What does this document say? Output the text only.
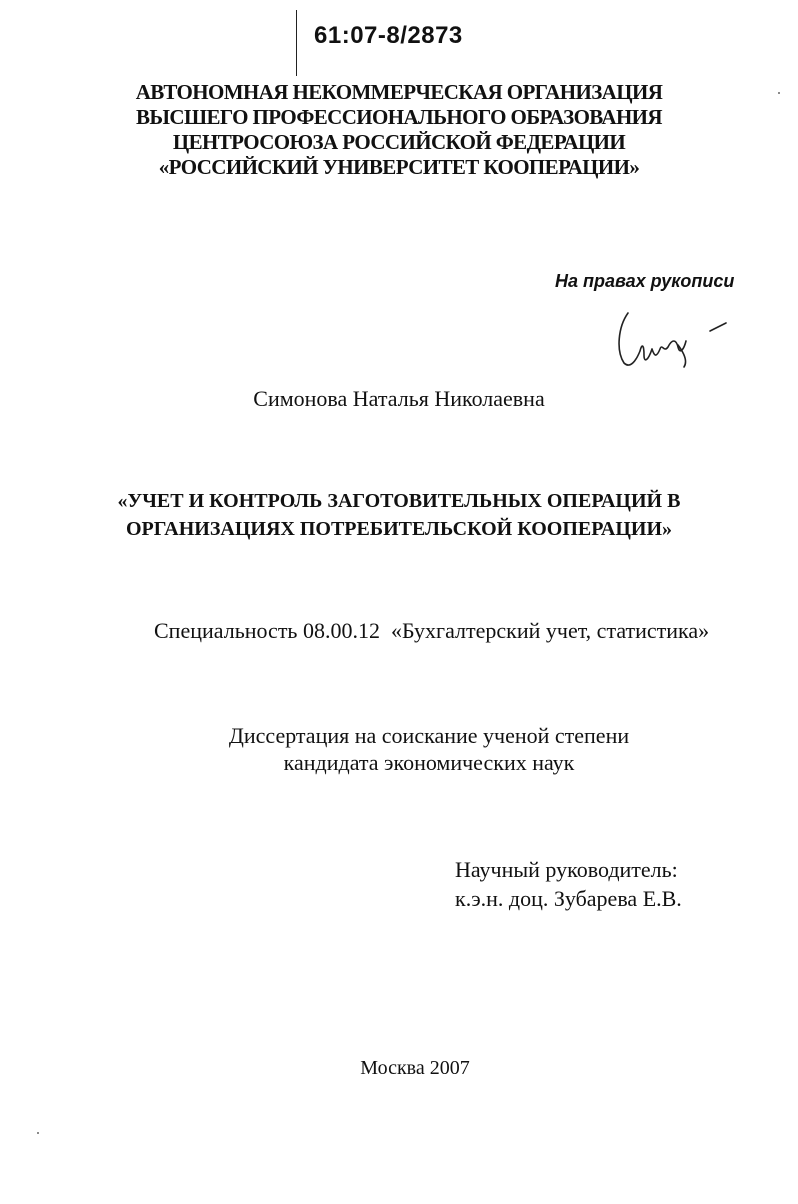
61:07-8/2873
АВТОНОМНАЯ НЕКОММЕРЧЕСКАЯ ОРГАНИЗАЦИЯ
ВЫСШЕГО ПРОФЕССИОНАЛЬНОГО ОБРАЗОВАНИЯ
ЦЕНТРОСОЮЗА РОССИЙСКОЙ ФЕДЕРАЦИИ
«РОССИЙСКИЙ УНИВЕРСИТЕТ КООПЕРАЦИИ»
На правах рукописи
Симонова Наталья Николаевна
«УЧЕТ И КОНТРОЛЬ ЗАГОТОВИТЕЛЬНЫХ ОПЕРАЦИЙ В
ОРГАНИЗАЦИЯХ ПОТРЕБИТЕЛЬСКОЙ КООПЕРАЦИИ»
Специальность 08.00.12  «Бухгалтерский учет, статистика»
Диссертация на соискание ученой степени
кандидата экономических наук
Научный руководитель:
к.э.н. доц. Зубарева Е.В.
Москва 2007
